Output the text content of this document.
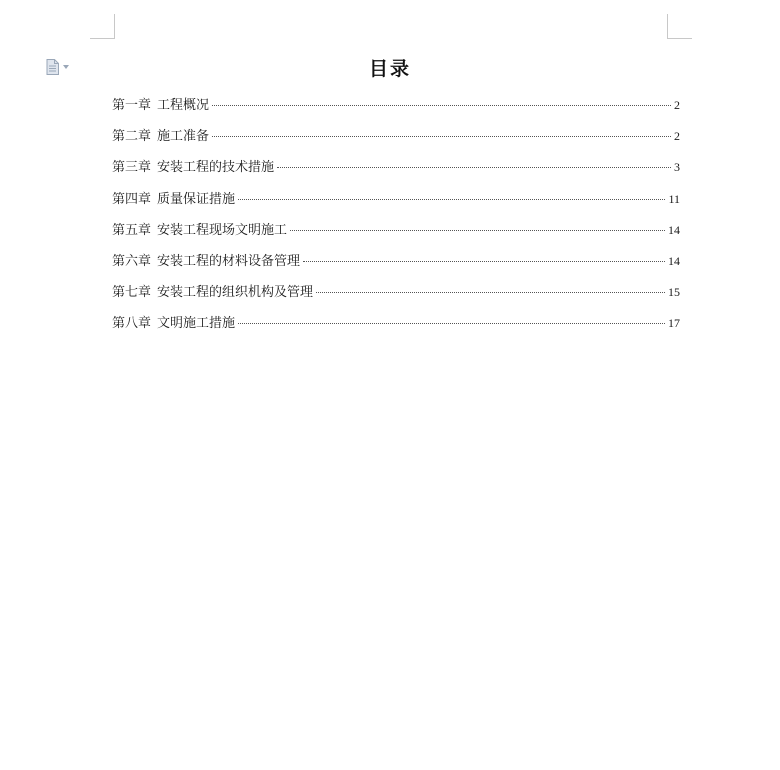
目录
第一章 工程概况	2
第二章 施工准备	2
第三章 安装工程的技术措施	3
第四章 质量保证措施	11
第五章 安装工程现场文明施工	14
第六章 安装工程的材料设备管理	14
第七章 安装工程的组织机构及管理	15
第八章 文明施工措施	17
